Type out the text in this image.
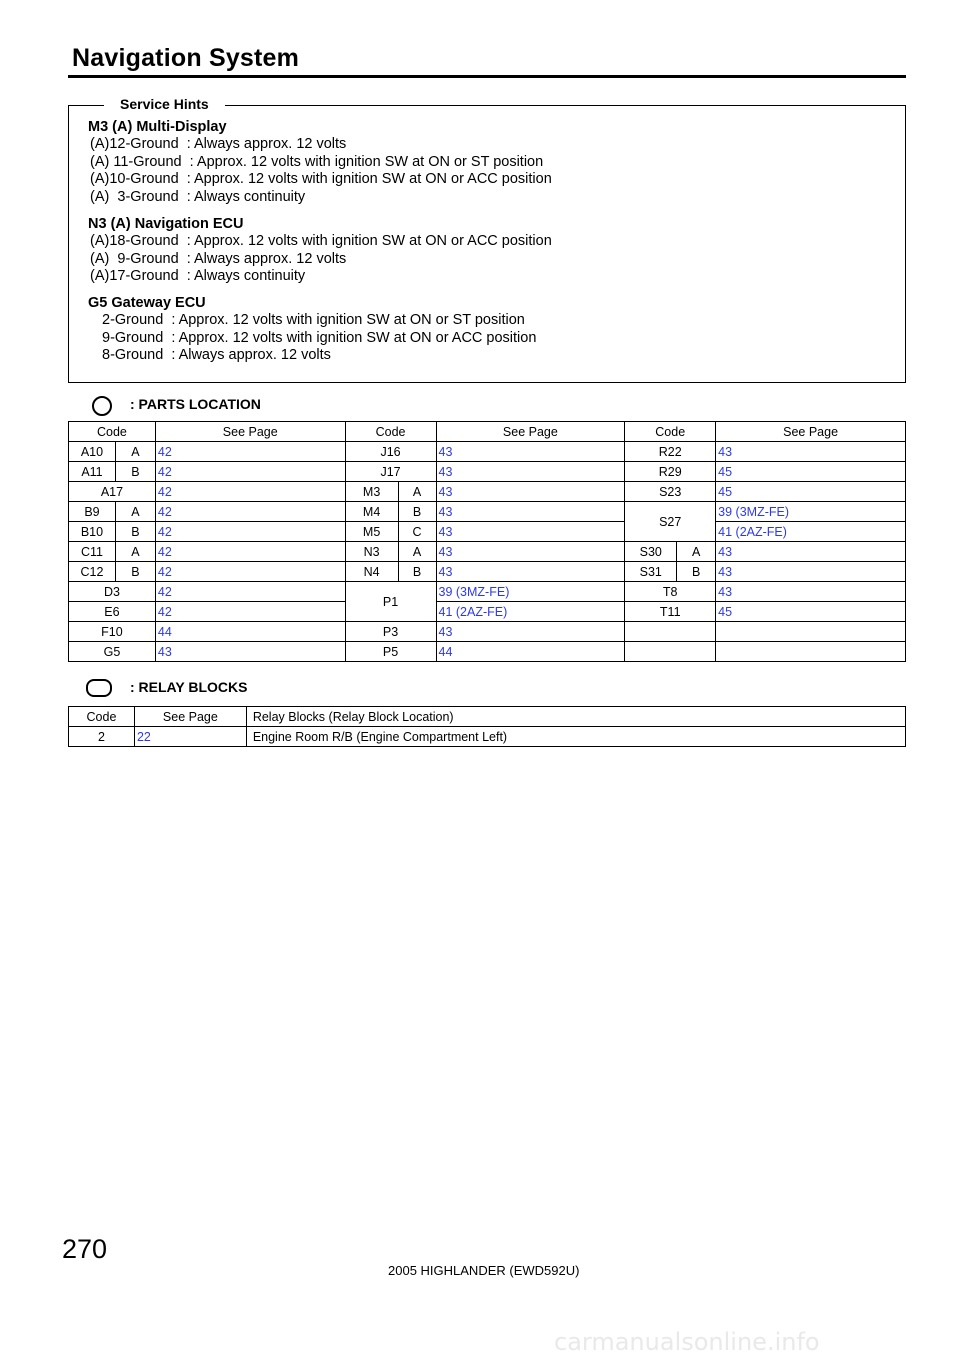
Navigation System
Service Hints
M3 (A) Multi-Display
(A)12-Ground  : Always approx. 12 volts
(A) 11-Ground  : Approx. 12 volts with ignition SW at ON or ST position
(A)10-Ground  : Approx. 12 volts with ignition SW at ON or ACC position
(A)  3-Ground  : Always continuity
N3 (A) Navigation ECU
(A)18-Ground  : Approx. 12 volts with ignition SW at ON or ACC position
(A)  9-Ground  : Always approx. 12 volts
(A)17-Ground  : Always continuity
G5 Gateway ECU
2-Ground  : Approx. 12 volts with ignition SW at ON or ST position
9-Ground  : Approx. 12 volts with ignition SW at ON or ACC position
8-Ground  : Always approx. 12 volts
: PARTS LOCATION
Code		See Page	Code		See Page	Code		See Page
A10	A	42	J16		43	R22		43
A11	B	42	J17		43	R29		45
A17		42	M3	A	43	S23		45
B9	A	42	M4	B	43	S27		39 (3MZ-FE)
B10	B	42	M5	C	43			41 (2AZ-FE)
C11	A	42	N3	A	43	S30	A	43
C12	B	42	N4	B	43	S31	B	43
D3		42	P1		39 (3MZ-FE)	T8		43
E6		42			41 (2AZ-FE)	T11		45
F10		44	P3		43			
G5		43	P5		44			
: RELAY BLOCKS
Code	See Page	Relay Blocks (Relay Block Location)
2	22	Engine Room R/B (Engine Compartment Left)
270
2005 HIGHLANDER (EWD592U)
carmanualsonline.info
